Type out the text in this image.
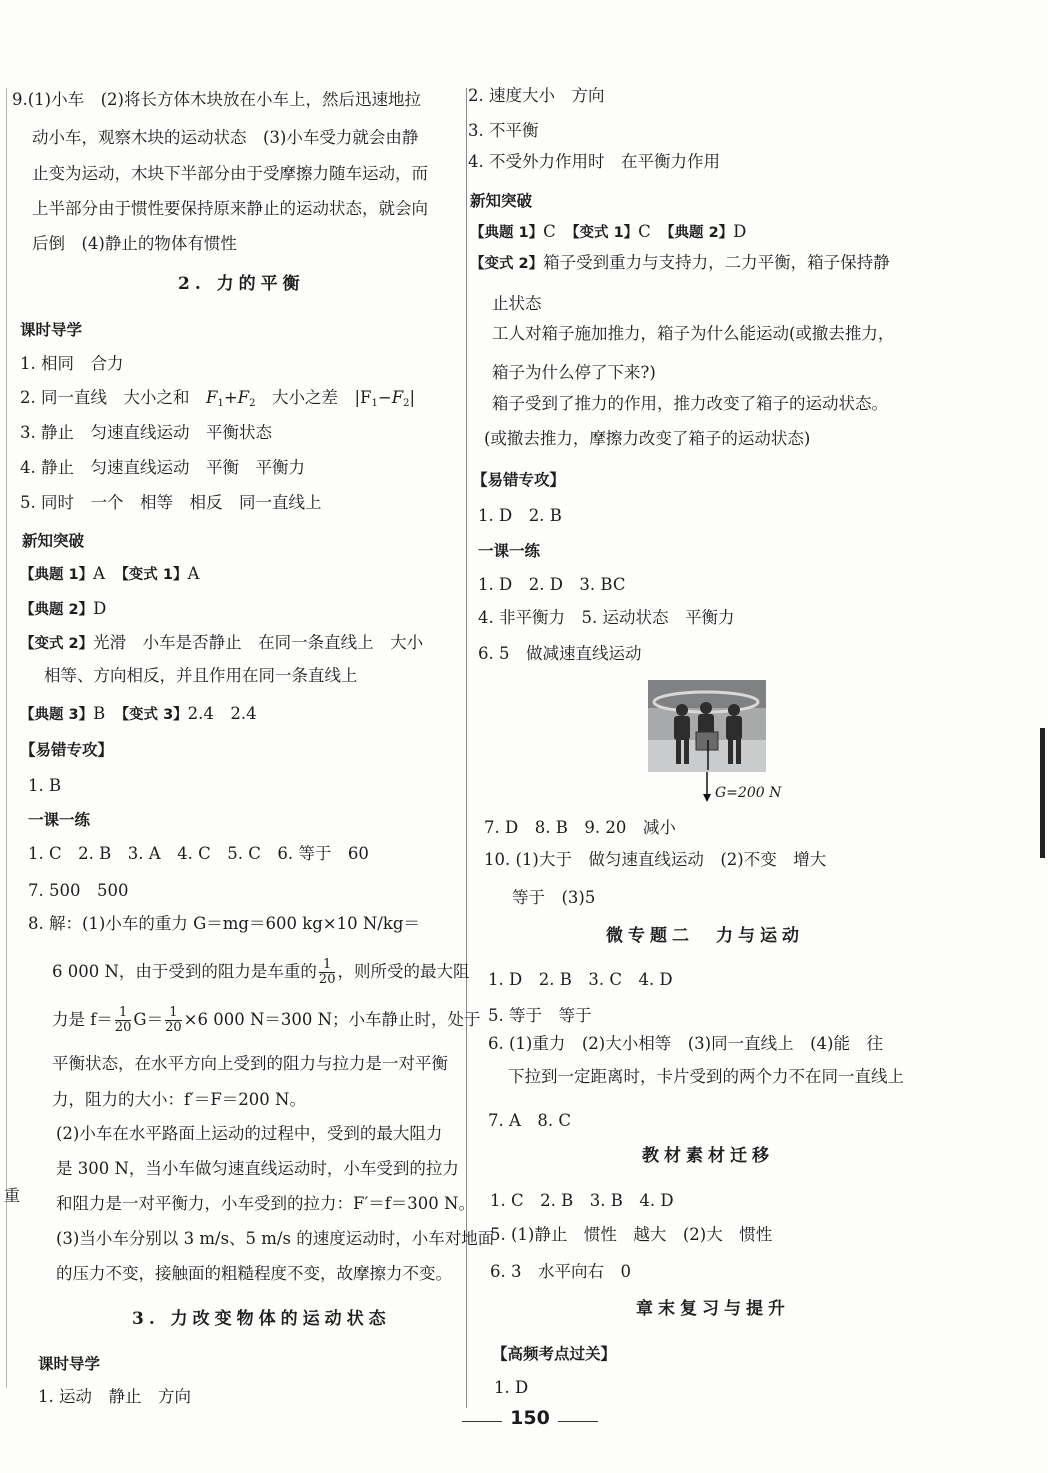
9.(1)小车　(2)将长方体木块放在小车上，然后迅速地拉
动小车，观察木块的运动状态　(3)小车受力就会由静
止变为运动，木块下半部分由于受摩擦力随车运动，而
上半部分由于惯性要保持原来静止的运动状态，就会向
后倒　(4)静止的物体有惯性
2. 力的平衡
课时导学
1. 相同　合力
2. 同一直线　大小之和　$F_1+F_2$　大小之差　$|F_1-F_2|$
3. 静止　匀速直线运动　平衡状态
4. 静止　匀速直线运动　平衡　平衡力
5. 同时　一个　相等　相反　同一直线上
新知突破
【典题 1】A　【变式 1】A
【典题 2】D
【变式 2】光滑　小车是否静止　在同一条直线上　大小
相等、方向相反，并且作用在同一条直线上
【典题 3】B　【变式 3】2.4　2.4
【易错专攻】
1. B
一课一练
1. C　2. B　3. A　4. C　5. C　6. 等于　60
7. 500　500
8. 解：(1)小车的重力 G＝mg＝600 kg×10 N/kg＝
6 000 N，由于受到的阻力是车重的 $\frac{1}{20}$ ，则所受的最大阻
力是 $f= \frac{1}{20} G= \frac{1}{20} \times 6$ 000 N＝300 N；小车静止时，处于
平衡状态，在水平方向上受到的阻力与拉力是一对平衡
力，阻力的大小：f′＝F＝200 N。
(2)小车在水平路面上运动的过程中，受到的最大阻力
是 300 N，当小车做匀速直线运动时，小车受到的拉力
和阻力是一对平衡力，小车受到的拉力：F′＝f＝300 N。
(3)当小车分别以 3 m/s、5 m/s 的速度运动时，小车对地面
的压力不变，接触面的粗糙程度不变，故摩擦力不变。
3. 力改变物体的运动状态
课时导学
1. 运动　静止　方向
重
2. 速度大小　方向
3. 不平衡
4. 不受外力作用时　在平衡力作用
新知突破
【典题 1】C　【变式 1】C　【典题 2】D
【变式 2】箱子受到重力与支持力，二力平衡，箱子保持静
止状态
工人对箱子施加推力，箱子为什么能运动(或撤去推力，
箱子为什么停了下来?)
箱子受到了推力的作用，推力改变了箱子的运动状态。
(或撤去推力，摩擦力改变了箱子的运动状态)
【易错专攻】
1. D　2. B
一课一练
1. D　2. D　3. BC
4. 非平衡力　5. 运动状态　平衡力
6. 5　做减速直线运动
G=200 N
7. D　8. B　9. 20　减小
10. (1)大于　做匀速直线运动　(2)不变　增大
等于　(3)5
微专题二　力与运动
1. D　2. B　3. C　4. D
5. 等于　等于
6. (1)重力　(2)大小相等　(3)同一直线上　(4)能　往
下拉到一定距离时，卡片受到的两个力不在同一直线上
7. A　8. C
教材素材迁移
1. C　2. B　3. B　4. D
5. (1)静止　惯性　越大　(2)大　惯性
6. 3　水平向右　0
章末复习与提升
【高频考点过关】
1. D
150
